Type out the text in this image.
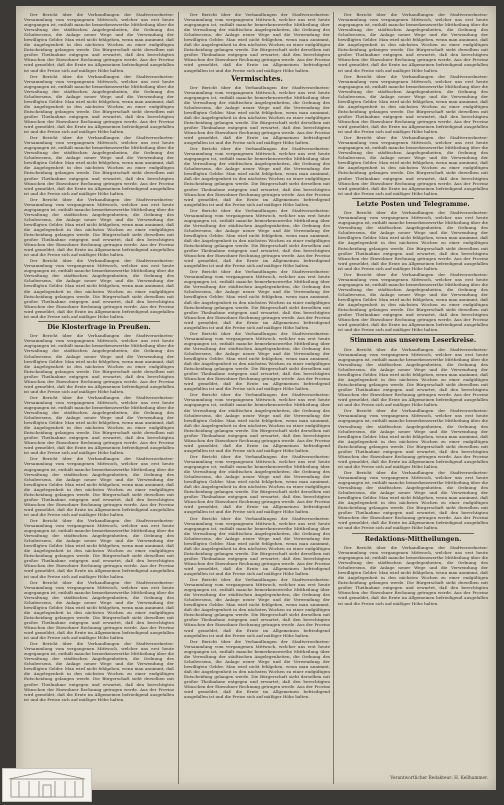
Der Bericht über die Verhandlungen der Stadtverordneten-Versammlung vom vergangenen Mittwoch, welcher uns erst heute zugegangen ist, enthält manche bemerkenswerthe Mittheilung über die Verwaltung der städtischen Angelegenheiten, die Ordnung des Schulwesens, die Anlage neuer Wege und die Verwendung der bewilligten Gelder. Man wird nicht fehlgehen, wenn man annimmt, daß die Angelegenheit in den nächsten Wochen zu einer endgültigen Entscheidung gelangen werde. Die Bürgerschaft sieht derselben mit großer Theilnahme entgegen und erwartet, daß den berechtigten Wünschen der Einwohner Rechnung getragen werde. Aus der Provinz wird gemeldet, daß die Ernte im Allgemeinen befriedigend ausgefallen ist und die Preise sich auf mäßiger Höhe halten.

Der Bericht über die Verhandlungen der Stadtverordneten-Versammlung vom vergangenen Mittwoch, welcher uns erst heute zugegangen ist, enthält manche bemerkenswerthe Mittheilung über die Verwaltung der städtischen Angelegenheiten, die Ordnung des Schulwesens, die Anlage neuer Wege und die Verwendung der bewilligten Gelder. Man wird nicht fehlgehen, wenn man annimmt, daß die Angelegenheit in den nächsten Wochen zu einer endgültigen Entscheidung gelangen werde. Die Bürgerschaft sieht derselben mit großer Theilnahme entgegen und erwartet, daß den berechtigten Wünschen der Einwohner Rechnung getragen werde. Aus der Provinz wird gemeldet, daß die Ernte im Allgemeinen befriedigend ausgefallen ist und die Preise sich auf mäßiger Höhe halten.

Der Bericht über die Verhandlungen der Stadtverordneten-Versammlung vom vergangenen Mittwoch, welcher uns erst heute zugegangen ist, enthält manche bemerkenswerthe Mittheilung über die Verwaltung der städtischen Angelegenheiten, die Ordnung des Schulwesens, die Anlage neuer Wege und die Verwendung der bewilligten Gelder. Man wird nicht fehlgehen, wenn man annimmt, daß die Angelegenheit in den nächsten Wochen zu einer endgültigen Entscheidung gelangen werde. Die Bürgerschaft sieht derselben mit großer Theilnahme entgegen und erwartet, daß den berechtigten Wünschen der Einwohner Rechnung getragen werde. Aus der Provinz wird gemeldet, daß die Ernte im Allgemeinen befriedigend ausgefallen ist und die Preise sich auf mäßiger Höhe halten.

Der Bericht über die Verhandlungen der Stadtverordneten-Versammlung vom vergangenen Mittwoch, welcher uns erst heute zugegangen ist, enthält manche bemerkenswerthe Mittheilung über die Verwaltung der städtischen Angelegenheiten, die Ordnung des Schulwesens, die Anlage neuer Wege und die Verwendung der bewilligten Gelder. Man wird nicht fehlgehen, wenn man annimmt, daß die Angelegenheit in den nächsten Wochen zu einer endgültigen Entscheidung gelangen werde. Die Bürgerschaft sieht derselben mit großer Theilnahme entgegen und erwartet, daß den berechtigten Wünschen der Einwohner Rechnung getragen werde. Aus der Provinz wird gemeldet, daß die Ernte im Allgemeinen befriedigend ausgefallen ist und die Preise sich auf mäßiger Höhe halten.

Der Bericht über die Verhandlungen der Stadtverordneten-Versammlung vom vergangenen Mittwoch, welcher uns erst heute zugegangen ist, enthält manche bemerkenswerthe Mittheilung über die Verwaltung der städtischen Angelegenheiten, die Ordnung des Schulwesens, die Anlage neuer Wege und die Verwendung der bewilligten Gelder. Man wird nicht fehlgehen, wenn man annimmt, daß die Angelegenheit in den nächsten Wochen zu einer endgültigen Entscheidung gelangen werde. Die Bürgerschaft sieht derselben mit großer Theilnahme entgegen und erwartet, daß den berechtigten Wünschen der Einwohner Rechnung getragen werde. Aus der Provinz wird gemeldet, daß die Ernte im Allgemeinen befriedigend ausgefallen ist und die Preise sich auf mäßiger Höhe halten.

Die Klosterfrage in Preußen.

Der Bericht über die Verhandlungen der Stadtverordneten-Versammlung vom vergangenen Mittwoch, welcher uns erst heute zugegangen ist, enthält manche bemerkenswerthe Mittheilung über die Verwaltung der städtischen Angelegenheiten, die Ordnung des Schulwesens, die Anlage neuer Wege und die Verwendung der bewilligten Gelder. Man wird nicht fehlgehen, wenn man annimmt, daß die Angelegenheit in den nächsten Wochen zu einer endgültigen Entscheidung gelangen werde. Die Bürgerschaft sieht derselben mit großer Theilnahme entgegen und erwartet, daß den berechtigten Wünschen der Einwohner Rechnung getragen werde. Aus der Provinz wird gemeldet, daß die Ernte im Allgemeinen befriedigend ausgefallen ist und die Preise sich auf mäßiger Höhe halten.

Der Bericht über die Verhandlungen der Stadtverordneten-Versammlung vom vergangenen Mittwoch, welcher uns erst heute zugegangen ist, enthält manche bemerkenswerthe Mittheilung über die Verwaltung der städtischen Angelegenheiten, die Ordnung des Schulwesens, die Anlage neuer Wege und die Verwendung der bewilligten Gelder. Man wird nicht fehlgehen, wenn man annimmt, daß die Angelegenheit in den nächsten Wochen zu einer endgültigen Entscheidung gelangen werde. Die Bürgerschaft sieht derselben mit großer Theilnahme entgegen und erwartet, daß den berechtigten Wünschen der Einwohner Rechnung getragen werde. Aus der Provinz wird gemeldet, daß die Ernte im Allgemeinen befriedigend ausgefallen ist und die Preise sich auf mäßiger Höhe halten.

Der Bericht über die Verhandlungen der Stadtverordneten-Versammlung vom vergangenen Mittwoch, welcher uns erst heute zugegangen ist, enthält manche bemerkenswerthe Mittheilung über die Verwaltung der städtischen Angelegenheiten, die Ordnung des Schulwesens, die Anlage neuer Wege und die Verwendung der bewilligten Gelder. Man wird nicht fehlgehen, wenn man annimmt, daß die Angelegenheit in den nächsten Wochen zu einer endgültigen Entscheidung gelangen werde. Die Bürgerschaft sieht derselben mit großer Theilnahme entgegen und erwartet, daß den berechtigten Wünschen der Einwohner Rechnung getragen werde. Aus der Provinz wird gemeldet, daß die Ernte im Allgemeinen befriedigend ausgefallen ist und die Preise sich auf mäßiger Höhe halten.

Der Bericht über die Verhandlungen der Stadtverordneten-Versammlung vom vergangenen Mittwoch, welcher uns erst heute zugegangen ist, enthält manche bemerkenswerthe Mittheilung über die Verwaltung der städtischen Angelegenheiten, die Ordnung des Schulwesens, die Anlage neuer Wege und die Verwendung der bewilligten Gelder. Man wird nicht fehlgehen, wenn man annimmt, daß die Angelegenheit in den nächsten Wochen zu einer endgültigen Entscheidung gelangen werde. Die Bürgerschaft sieht derselben mit großer Theilnahme entgegen und erwartet, daß den berechtigten Wünschen der Einwohner Rechnung getragen werde. Aus der Provinz wird gemeldet, daß die Ernte im Allgemeinen befriedigend ausgefallen ist und die Preise sich auf mäßiger Höhe halten.

Der Bericht über die Verhandlungen der Stadtverordneten-Versammlung vom vergangenen Mittwoch, welcher uns erst heute zugegangen ist, enthält manche bemerkenswerthe Mittheilung über die Verwaltung der städtischen Angelegenheiten, die Ordnung des Schulwesens, die Anlage neuer Wege und die Verwendung der bewilligten Gelder. Man wird nicht fehlgehen, wenn man annimmt, daß die Angelegenheit in den nächsten Wochen zu einer endgültigen Entscheidung gelangen werde. Die Bürgerschaft sieht derselben mit großer Theilnahme entgegen und erwartet, daß den berechtigten Wünschen der Einwohner Rechnung getragen werde. Aus der Provinz wird gemeldet, daß die Ernte im Allgemeinen befriedigend ausgefallen ist und die Preise sich auf mäßiger Höhe halten.

Der Bericht über die Verhandlungen der Stadtverordneten-Versammlung vom vergangenen Mittwoch, welcher uns erst heute zugegangen ist, enthält manche bemerkenswerthe Mittheilung über die Verwaltung der städtischen Angelegenheiten, die Ordnung des Schulwesens, die Anlage neuer Wege und die Verwendung der bewilligten Gelder. Man wird nicht fehlgehen, wenn man annimmt, daß die Angelegenheit in den nächsten Wochen zu einer endgültigen Entscheidung gelangen werde. Die Bürgerschaft sieht derselben mit großer Theilnahme entgegen und erwartet, daß den berechtigten Wünschen der Einwohner Rechnung getragen werde. Aus der Provinz wird gemeldet, daß die Ernte im Allgemeinen befriedigend ausgefallen ist und die Preise sich auf mäßiger Höhe halten.

Der Bericht über die Verhandlungen der Stadtverordneten-Versammlung vom vergangenen Mittwoch, welcher uns erst heute zugegangen ist, enthält manche bemerkenswerthe Mittheilung über die Verwaltung der städtischen Angelegenheiten, die Ordnung des Schulwesens, die Anlage neuer Wege und die Verwendung der bewilligten Gelder. Man wird nicht fehlgehen, wenn man annimmt, daß die Angelegenheit in den nächsten Wochen zu einer endgültigen Entscheidung gelangen werde. Die Bürgerschaft sieht derselben mit großer Theilnahme entgegen und erwartet, daß den berechtigten Wünschen der Einwohner Rechnung getragen werde. Aus der Provinz wird gemeldet, daß die Ernte im Allgemeinen befriedigend ausgefallen ist und die Preise sich auf mäßiger Höhe halten.

Vermischtes.

Der Bericht über die Verhandlungen der Stadtverordneten-Versammlung vom vergangenen Mittwoch, welcher uns erst heute zugegangen ist, enthält manche bemerkenswerthe Mittheilung über die Verwaltung der städtischen Angelegenheiten, die Ordnung des Schulwesens, die Anlage neuer Wege und die Verwendung der bewilligten Gelder. Man wird nicht fehlgehen, wenn man annimmt, daß die Angelegenheit in den nächsten Wochen zu einer endgültigen Entscheidung gelangen werde. Die Bürgerschaft sieht derselben mit großer Theilnahme entgegen und erwartet, daß den berechtigten Wünschen der Einwohner Rechnung getragen werde. Aus der Provinz wird gemeldet, daß die Ernte im Allgemeinen befriedigend ausgefallen ist und die Preise sich auf mäßiger Höhe halten.

Der Bericht über die Verhandlungen der Stadtverordneten-Versammlung vom vergangenen Mittwoch, welcher uns erst heute zugegangen ist, enthält manche bemerkenswerthe Mittheilung über die Verwaltung der städtischen Angelegenheiten, die Ordnung des Schulwesens, die Anlage neuer Wege und die Verwendung der bewilligten Gelder. Man wird nicht fehlgehen, wenn man annimmt, daß die Angelegenheit in den nächsten Wochen zu einer endgültigen Entscheidung gelangen werde. Die Bürgerschaft sieht derselben mit großer Theilnahme entgegen und erwartet, daß den berechtigten Wünschen der Einwohner Rechnung getragen werde. Aus der Provinz wird gemeldet, daß die Ernte im Allgemeinen befriedigend ausgefallen ist und die Preise sich auf mäßiger Höhe halten.

Der Bericht über die Verhandlungen der Stadtverordneten-Versammlung vom vergangenen Mittwoch, welcher uns erst heute zugegangen ist, enthält manche bemerkenswerthe Mittheilung über die Verwaltung der städtischen Angelegenheiten, die Ordnung des Schulwesens, die Anlage neuer Wege und die Verwendung der bewilligten Gelder. Man wird nicht fehlgehen, wenn man annimmt, daß die Angelegenheit in den nächsten Wochen zu einer endgültigen Entscheidung gelangen werde. Die Bürgerschaft sieht derselben mit großer Theilnahme entgegen und erwartet, daß den berechtigten Wünschen der Einwohner Rechnung getragen werde. Aus der Provinz wird gemeldet, daß die Ernte im Allgemeinen befriedigend ausgefallen ist und die Preise sich auf mäßiger Höhe halten.

Der Bericht über die Verhandlungen der Stadtverordneten-Versammlung vom vergangenen Mittwoch, welcher uns erst heute zugegangen ist, enthält manche bemerkenswerthe Mittheilung über die Verwaltung der städtischen Angelegenheiten, die Ordnung des Schulwesens, die Anlage neuer Wege und die Verwendung der bewilligten Gelder. Man wird nicht fehlgehen, wenn man annimmt, daß die Angelegenheit in den nächsten Wochen zu einer endgültigen Entscheidung gelangen werde. Die Bürgerschaft sieht derselben mit großer Theilnahme entgegen und erwartet, daß den berechtigten Wünschen der Einwohner Rechnung getragen werde. Aus der Provinz wird gemeldet, daß die Ernte im Allgemeinen befriedigend ausgefallen ist und die Preise sich auf mäßiger Höhe halten.

Der Bericht über die Verhandlungen der Stadtverordneten-Versammlung vom vergangenen Mittwoch, welcher uns erst heute zugegangen ist, enthält manche bemerkenswerthe Mittheilung über die Verwaltung der städtischen Angelegenheiten, die Ordnung des Schulwesens, die Anlage neuer Wege und die Verwendung der bewilligten Gelder. Man wird nicht fehlgehen, wenn man annimmt, daß die Angelegenheit in den nächsten Wochen zu einer endgültigen Entscheidung gelangen werde. Die Bürgerschaft sieht derselben mit großer Theilnahme entgegen und erwartet, daß den berechtigten Wünschen der Einwohner Rechnung getragen werde. Aus der Provinz wird gemeldet, daß die Ernte im Allgemeinen befriedigend ausgefallen ist und die Preise sich auf mäßiger Höhe halten.

Der Bericht über die Verhandlungen der Stadtverordneten-Versammlung vom vergangenen Mittwoch, welcher uns erst heute zugegangen ist, enthält manche bemerkenswerthe Mittheilung über die Verwaltung der städtischen Angelegenheiten, die Ordnung des Schulwesens, die Anlage neuer Wege und die Verwendung der bewilligten Gelder. Man wird nicht fehlgehen, wenn man annimmt, daß die Angelegenheit in den nächsten Wochen zu einer endgültigen Entscheidung gelangen werde. Die Bürgerschaft sieht derselben mit großer Theilnahme entgegen und erwartet, daß den berechtigten Wünschen der Einwohner Rechnung getragen werde. Aus der Provinz wird gemeldet, daß die Ernte im Allgemeinen befriedigend ausgefallen ist und die Preise sich auf mäßiger Höhe halten.

Der Bericht über die Verhandlungen der Stadtverordneten-Versammlung vom vergangenen Mittwoch, welcher uns erst heute zugegangen ist, enthält manche bemerkenswerthe Mittheilung über die Verwaltung der städtischen Angelegenheiten, die Ordnung des Schulwesens, die Anlage neuer Wege und die Verwendung der bewilligten Gelder. Man wird nicht fehlgehen, wenn man annimmt, daß die Angelegenheit in den nächsten Wochen zu einer endgültigen Entscheidung gelangen werde. Die Bürgerschaft sieht derselben mit großer Theilnahme entgegen und erwartet, daß den berechtigten Wünschen der Einwohner Rechnung getragen werde. Aus der Provinz wird gemeldet, daß die Ernte im Allgemeinen befriedigend ausgefallen ist und die Preise sich auf mäßiger Höhe halten.

Der Bericht über die Verhandlungen der Stadtverordneten-Versammlung vom vergangenen Mittwoch, welcher uns erst heute zugegangen ist, enthält manche bemerkenswerthe Mittheilung über die Verwaltung der städtischen Angelegenheiten, die Ordnung des Schulwesens, die Anlage neuer Wege und die Verwendung der bewilligten Gelder. Man wird nicht fehlgehen, wenn man annimmt, daß die Angelegenheit in den nächsten Wochen zu einer endgültigen Entscheidung gelangen werde. Die Bürgerschaft sieht derselben mit großer Theilnahme entgegen und erwartet, daß den berechtigten Wünschen der Einwohner Rechnung getragen werde. Aus der Provinz wird gemeldet, daß die Ernte im Allgemeinen befriedigend ausgefallen ist und die Preise sich auf mäßiger Höhe halten.

Der Bericht über die Verhandlungen der Stadtverordneten-Versammlung vom vergangenen Mittwoch, welcher uns erst heute zugegangen ist, enthält manche bemerkenswerthe Mittheilung über die Verwaltung der städtischen Angelegenheiten, die Ordnung des Schulwesens, die Anlage neuer Wege und die Verwendung der bewilligten Gelder. Man wird nicht fehlgehen, wenn man annimmt, daß die Angelegenheit in den nächsten Wochen zu einer endgültigen Entscheidung gelangen werde. Die Bürgerschaft sieht derselben mit großer Theilnahme entgegen und erwartet, daß den berechtigten Wünschen der Einwohner Rechnung getragen werde. Aus der Provinz wird gemeldet, daß die Ernte im Allgemeinen befriedigend ausgefallen ist und die Preise sich auf mäßiger Höhe halten.

Der Bericht über die Verhandlungen der Stadtverordneten-Versammlung vom vergangenen Mittwoch, welcher uns erst heute zugegangen ist, enthält manche bemerkenswerthe Mittheilung über die Verwaltung der städtischen Angelegenheiten, die Ordnung des Schulwesens, die Anlage neuer Wege und die Verwendung der bewilligten Gelder. Man wird nicht fehlgehen, wenn man annimmt, daß die Angelegenheit in den nächsten Wochen zu einer endgültigen Entscheidung gelangen werde. Die Bürgerschaft sieht derselben mit großer Theilnahme entgegen und erwartet, daß den berechtigten Wünschen der Einwohner Rechnung getragen werde. Aus der Provinz wird gemeldet, daß die Ernte im Allgemeinen befriedigend ausgefallen ist und die Preise sich auf mäßiger Höhe halten.

Der Bericht über die Verhandlungen der Stadtverordneten-Versammlung vom vergangenen Mittwoch, welcher uns erst heute zugegangen ist, enthält manche bemerkenswerthe Mittheilung über die Verwaltung der städtischen Angelegenheiten, die Ordnung des Schulwesens, die Anlage neuer Wege und die Verwendung der bewilligten Gelder. Man wird nicht fehlgehen, wenn man annimmt, daß die Angelegenheit in den nächsten Wochen zu einer endgültigen Entscheidung gelangen werde. Die Bürgerschaft sieht derselben mit großer Theilnahme entgegen und erwartet, daß den berechtigten Wünschen der Einwohner Rechnung getragen werde. Aus der Provinz wird gemeldet, daß die Ernte im Allgemeinen befriedigend ausgefallen ist und die Preise sich auf mäßiger Höhe halten.

Der Bericht über die Verhandlungen der Stadtverordneten-Versammlung vom vergangenen Mittwoch, welcher uns erst heute zugegangen ist, enthält manche bemerkenswerthe Mittheilung über die Verwaltung der städtischen Angelegenheiten, die Ordnung des Schulwesens, die Anlage neuer Wege und die Verwendung der bewilligten Gelder. Man wird nicht fehlgehen, wenn man annimmt, daß die Angelegenheit in den nächsten Wochen zu einer endgültigen Entscheidung gelangen werde. Die Bürgerschaft sieht derselben mit großer Theilnahme entgegen und erwartet, daß den berechtigten Wünschen der Einwohner Rechnung getragen werde. Aus der Provinz wird gemeldet, daß die Ernte im Allgemeinen befriedigend ausgefallen ist und die Preise sich auf mäßiger Höhe halten.

Der Bericht über die Verhandlungen der Stadtverordneten-Versammlung vom vergangenen Mittwoch, welcher uns erst heute zugegangen ist, enthält manche bemerkenswerthe Mittheilung über die Verwaltung der städtischen Angelegenheiten, die Ordnung des Schulwesens, die Anlage neuer Wege und die Verwendung der bewilligten Gelder. Man wird nicht fehlgehen, wenn man annimmt, daß die Angelegenheit in den nächsten Wochen zu einer endgültigen Entscheidung gelangen werde. Die Bürgerschaft sieht derselben mit großer Theilnahme entgegen und erwartet, daß den berechtigten Wünschen der Einwohner Rechnung getragen werde. Aus der Provinz wird gemeldet, daß die Ernte im Allgemeinen befriedigend ausgefallen ist und die Preise sich auf mäßiger Höhe halten.

Letzte Posten und Telegramme.

Der Bericht über die Verhandlungen der Stadtverordneten-Versammlung vom vergangenen Mittwoch, welcher uns erst heute zugegangen ist, enthält manche bemerkenswerthe Mittheilung über die Verwaltung der städtischen Angelegenheiten, die Ordnung des Schulwesens, die Anlage neuer Wege und die Verwendung der bewilligten Gelder. Man wird nicht fehlgehen, wenn man annimmt, daß die Angelegenheit in den nächsten Wochen zu einer endgültigen Entscheidung gelangen werde. Die Bürgerschaft sieht derselben mit großer Theilnahme entgegen und erwartet, daß den berechtigten Wünschen der Einwohner Rechnung getragen werde. Aus der Provinz wird gemeldet, daß die Ernte im Allgemeinen befriedigend ausgefallen ist und die Preise sich auf mäßiger Höhe halten.

Der Bericht über die Verhandlungen der Stadtverordneten-Versammlung vom vergangenen Mittwoch, welcher uns erst heute zugegangen ist, enthält manche bemerkenswerthe Mittheilung über die Verwaltung der städtischen Angelegenheiten, die Ordnung des Schulwesens, die Anlage neuer Wege und die Verwendung der bewilligten Gelder. Man wird nicht fehlgehen, wenn man annimmt, daß die Angelegenheit in den nächsten Wochen zu einer endgültigen Entscheidung gelangen werde. Die Bürgerschaft sieht derselben mit großer Theilnahme entgegen und erwartet, daß den berechtigten Wünschen der Einwohner Rechnung getragen werde. Aus der Provinz wird gemeldet, daß die Ernte im Allgemeinen befriedigend ausgefallen ist und die Preise sich auf mäßiger Höhe halten.

Stimmen aus unserem Leserkreise.

Der Bericht über die Verhandlungen der Stadtverordneten-Versammlung vom vergangenen Mittwoch, welcher uns erst heute zugegangen ist, enthält manche bemerkenswerthe Mittheilung über die Verwaltung der städtischen Angelegenheiten, die Ordnung des Schulwesens, die Anlage neuer Wege und die Verwendung der bewilligten Gelder. Man wird nicht fehlgehen, wenn man annimmt, daß die Angelegenheit in den nächsten Wochen zu einer endgültigen Entscheidung gelangen werde. Die Bürgerschaft sieht derselben mit großer Theilnahme entgegen und erwartet, daß den berechtigten Wünschen der Einwohner Rechnung getragen werde. Aus der Provinz wird gemeldet, daß die Ernte im Allgemeinen befriedigend ausgefallen ist und die Preise sich auf mäßiger Höhe halten.

Der Bericht über die Verhandlungen der Stadtverordneten-Versammlung vom vergangenen Mittwoch, welcher uns erst heute zugegangen ist, enthält manche bemerkenswerthe Mittheilung über die Verwaltung der städtischen Angelegenheiten, die Ordnung des Schulwesens, die Anlage neuer Wege und die Verwendung der bewilligten Gelder. Man wird nicht fehlgehen, wenn man annimmt, daß die Angelegenheit in den nächsten Wochen zu einer endgültigen Entscheidung gelangen werde. Die Bürgerschaft sieht derselben mit großer Theilnahme entgegen und erwartet, daß den berechtigten Wünschen der Einwohner Rechnung getragen werde. Aus der Provinz wird gemeldet, daß die Ernte im Allgemeinen befriedigend ausgefallen ist und die Preise sich auf mäßiger Höhe halten.

Der Bericht über die Verhandlungen der Stadtverordneten-Versammlung vom vergangenen Mittwoch, welcher uns erst heute zugegangen ist, enthält manche bemerkenswerthe Mittheilung über die Verwaltung der städtischen Angelegenheiten, die Ordnung des Schulwesens, die Anlage neuer Wege und die Verwendung der bewilligten Gelder. Man wird nicht fehlgehen, wenn man annimmt, daß die Angelegenheit in den nächsten Wochen zu einer endgültigen Entscheidung gelangen werde. Die Bürgerschaft sieht derselben mit großer Theilnahme entgegen und erwartet, daß den berechtigten Wünschen der Einwohner Rechnung getragen werde. Aus der Provinz wird gemeldet, daß die Ernte im Allgemeinen befriedigend ausgefallen ist und die Preise sich auf mäßiger Höhe halten.

Redaktions-Mittheilungen.

Der Bericht über die Verhandlungen der Stadtverordneten-Versammlung vom vergangenen Mittwoch, welcher uns erst heute zugegangen ist, enthält manche bemerkenswerthe Mittheilung über die Verwaltung der städtischen Angelegenheiten, die Ordnung des Schulwesens, die Anlage neuer Wege und die Verwendung der bewilligten Gelder. Man wird nicht fehlgehen, wenn man annimmt, daß die Angelegenheit in den nächsten Wochen zu einer endgültigen Entscheidung gelangen werde. Die Bürgerschaft sieht derselben mit großer Theilnahme entgegen und erwartet, daß den berechtigten Wünschen der Einwohner Rechnung getragen werde. Aus der Provinz wird gemeldet, daß die Ernte im Allgemeinen befriedigend ausgefallen ist und die Preise sich auf mäßiger Höhe halten.

Verantwortlicher Redakteur: H. Kellhammer.
